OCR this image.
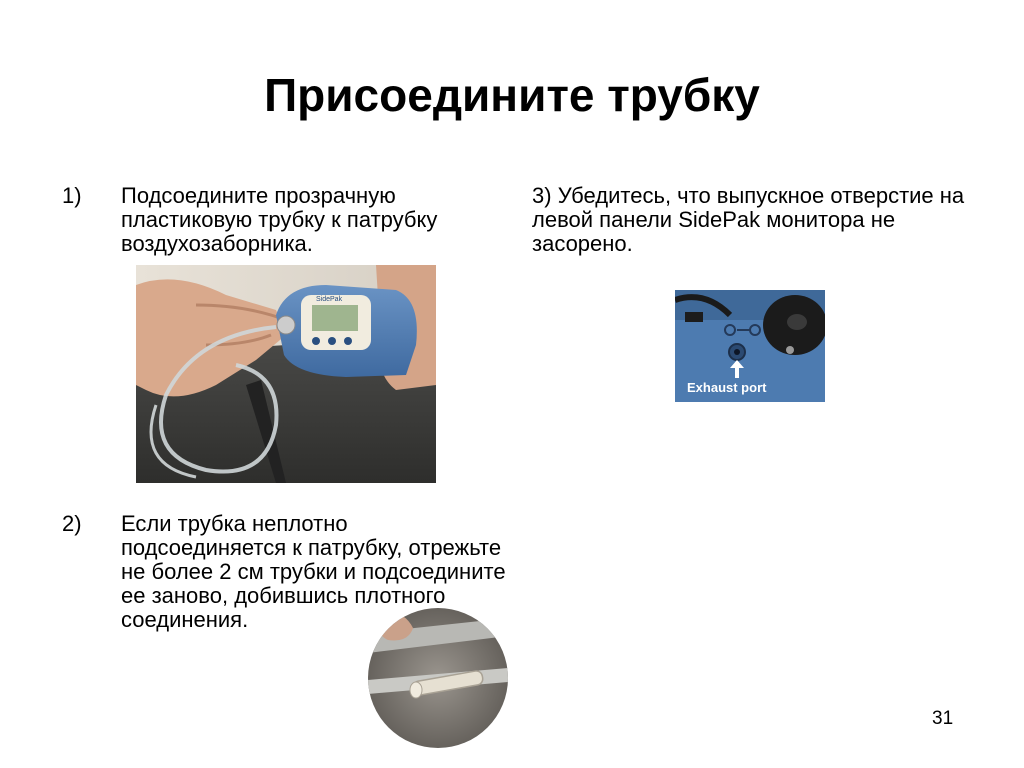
Присоедините трубку
1) Подсоедините прозрачную пластиковую трубку к патрубку воздухозаборника.
SidePak
2) Если трубка неплотно подсоединяется к патрубку, отрежьте не более 2 см трубки и подсоедините ее заново, добившись плотного соединения.
3) Убедитесь, что выпускное отверстие на левой панели SidePak монитора не засорено.
Exhaust port
31
